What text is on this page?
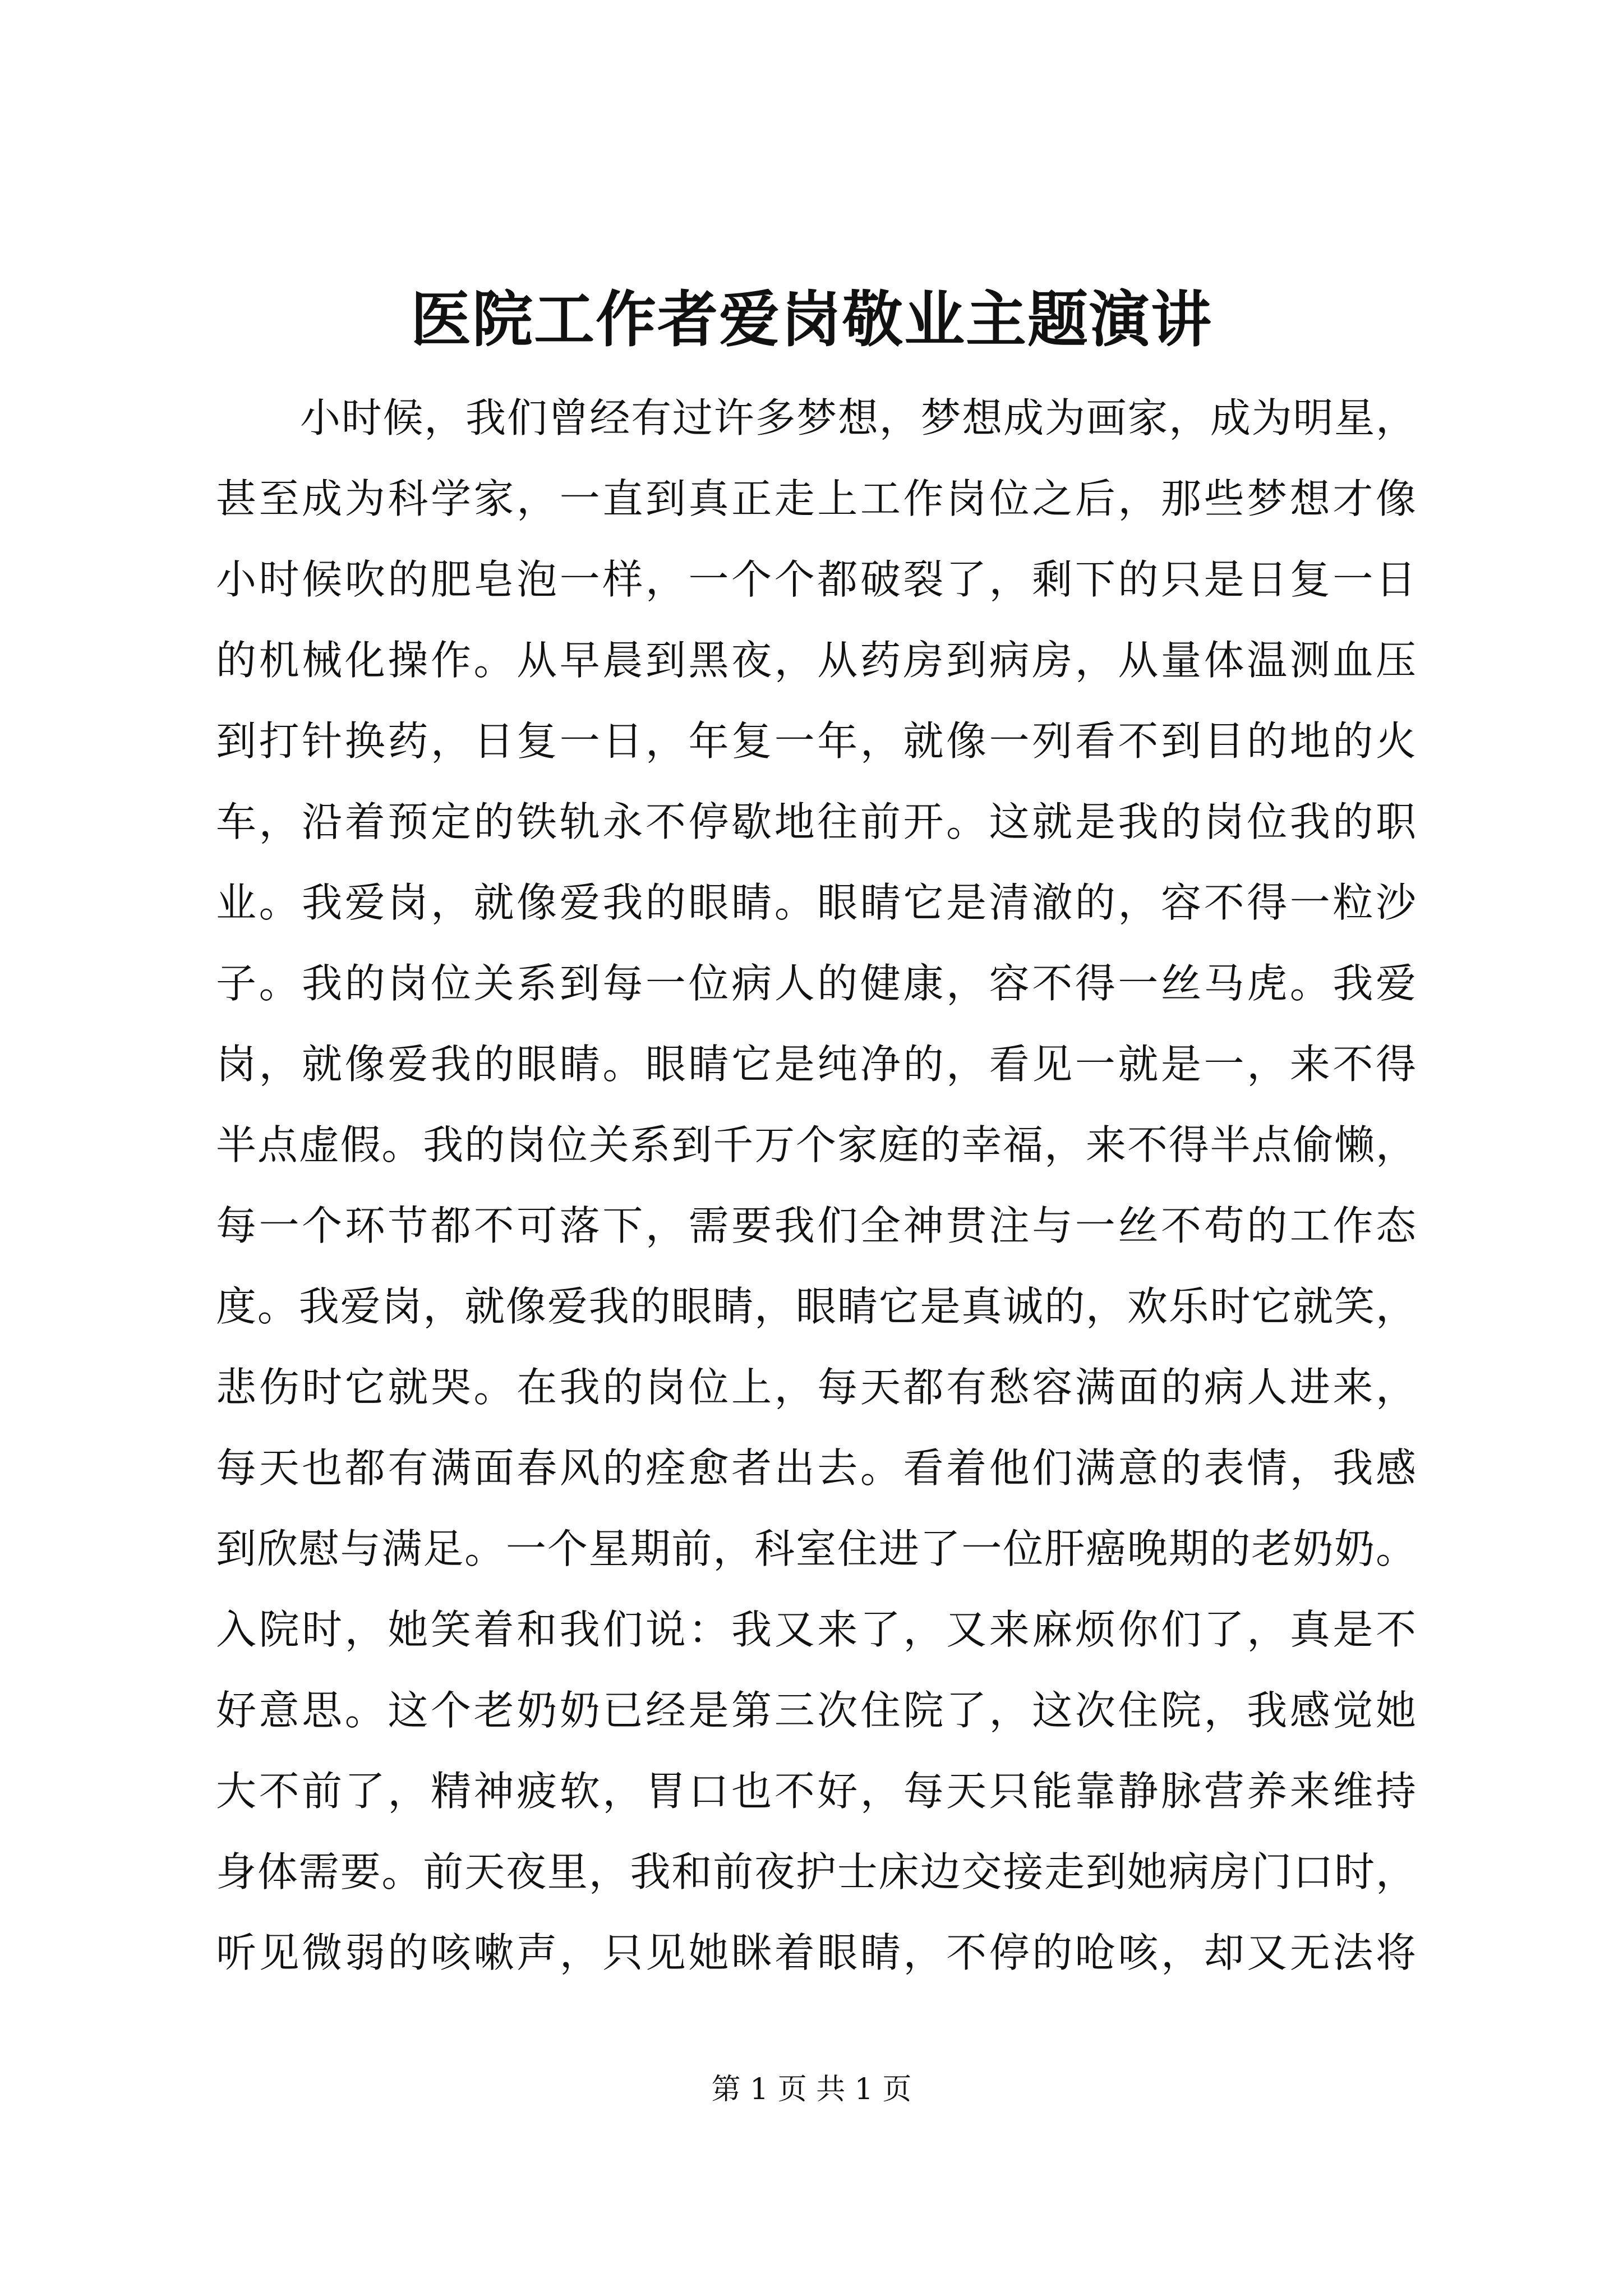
医院工作者爱岗敬业主题演讲
小时候，我们曾经有过许多梦想，梦想成为画家，成为明星，
甚至成为科学家，一直到真正走上工作岗位之后，那些梦想才像
小时候吹的肥皂泡一样，一个个都破裂了，剩下的只是日复一日
的机械化操作。从早晨到黑夜，从药房到病房，从量体温测血压
到打针换药，日复一日，年复一年，就像一列看不到目的地的火
车，沿着预定的铁轨永不停歇地往前开。这就是我的岗位我的职
业。我爱岗，就像爱我的眼睛。眼睛它是清澈的，容不得一粒沙
子。我的岗位关系到每一位病人的健康，容不得一丝马虎。我爱
岗，就像爱我的眼睛。眼睛它是纯净的，看见一就是一，来不得
半点虚假。我的岗位关系到千万个家庭的幸福，来不得半点偷懒，
每一个环节都不可落下，需要我们全神贯注与一丝不苟的工作态
度。我爱岗，就像爱我的眼睛，眼睛它是真诚的，欢乐时它就笑，
悲伤时它就哭。在我的岗位上，每天都有愁容满面的病人进来，
每天也都有满面春风的痊愈者出去。看着他们满意的表情，我感
到欣慰与满足。一个星期前，科室住进了一位肝癌晚期的老奶奶。
入院时，她笑着和我们说：我又来了，又来麻烦你们了，真是不
好意思。这个老奶奶已经是第三次住院了，这次住院，我感觉她
大不前了，精神疲软，胃口也不好，每天只能靠静脉营养来维持
身体需要。前天夜里，我和前夜护士床边交接走到她病房门口时，
听见微弱的咳嗽声，只见她眯着眼睛，不停的呛咳，却又无法将
第 1 页 共 1 页
